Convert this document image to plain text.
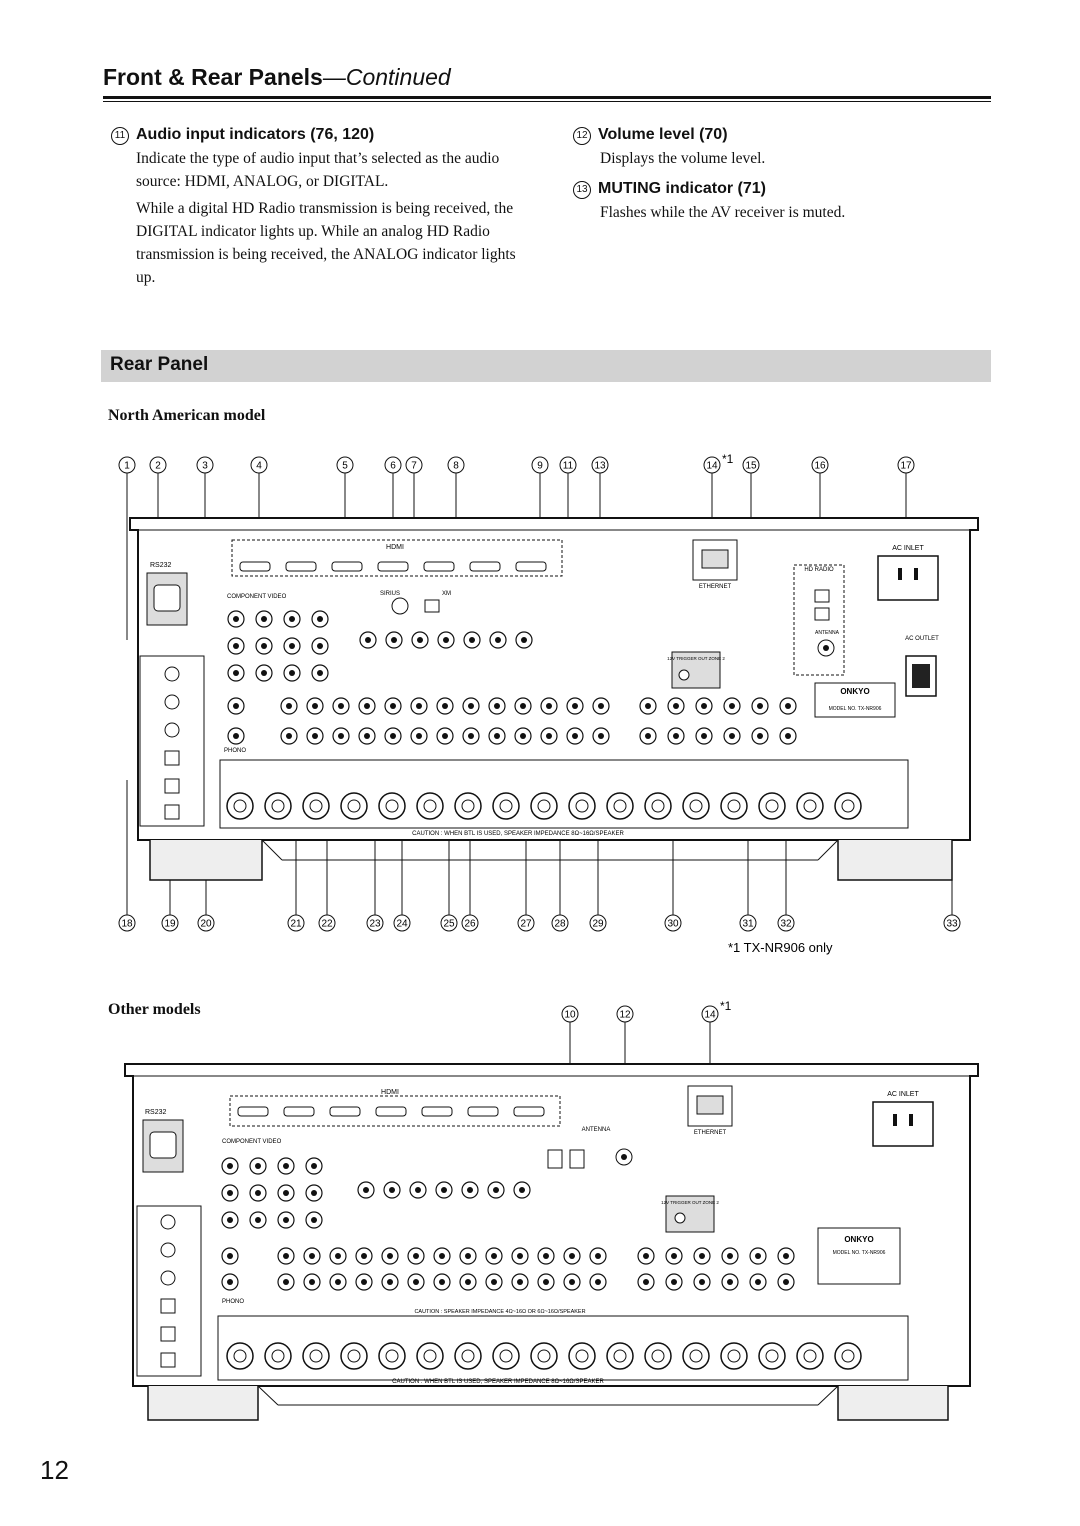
Front & Rear Panels—Continued
11 Audio input indicators (76, 120)
Indicate the type of audio input that’s selected as the audio source: HDMI, ANALOG, or DIGITAL.
While a digital HD Radio transmission is being received, the DIGITAL indicator lights up. While an analog HD Radio transmission is being received, the ANALOG indicator lights up.
12 Volume level (70)
Displays the volume level.
13 MUTING indicator (71)
Flashes while the AV receiver is muted.
Rear Panel
North American model
Other models
1	2	3	4	5	6 7	8	9 11 13	14	15	16	17
*1
18	19 20	21 22	23 24	25 26	27 28	29	30	31	32	33
HDMI
RS232
ETHERNET
AC INLET
AC OUTLET
HD RADIO
ANTENNA
ONKYO
MODEL NO. TX-NR906
COMPONENT VIDEO	SIRIUS	XM
12V TRIGGER OUT ZONE 2
PHONO
CAUTION : WHEN BTL IS USED, SPEAKER IMPEDANCE 8Ω~16Ω/SPEAKER
*1 TX-NR906 only
10	12	14
*1
HDMI
RS232
ETHERNET
AC INLET
ANTENNA
ONKYO
MODEL NO. TX-NR906
12V TRIGGER OUT ZONE 2
COMPONENT VIDEO
CAUTION : SPEAKER IMPEDANCE 4Ω~16Ω OR 6Ω~16Ω/SPEAKER
PHONO
CAUTION : WHEN BTL IS USED, SPEAKER IMPEDANCE 8Ω~16Ω/SPEAKER
12
